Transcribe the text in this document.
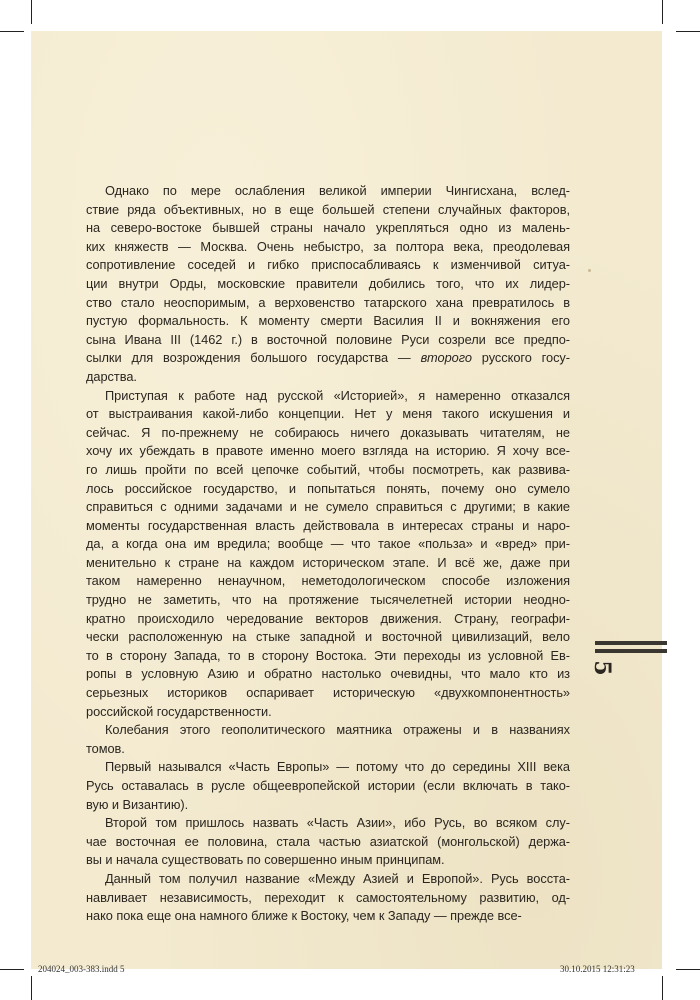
Однако по мере ослабления великой империи Чингисхана, вслед-
ствие ряда объективных, но в еще большей степени случайных факторов,
на северо-востоке бывшей страны начало укрепляться одно из малень-
ких княжеств — Москва. Очень небыстро, за полтора века, преодолевая
сопротивление соседей и гибко приспосабливаясь к изменчивой ситуа-
ции внутри Орды, московские правители добились того, что их лидер-
ство стало неоспоримым, а верховенство татарского хана превратилось в
пустую формальность. К моменту смерти Василия II и вокняжения его
сына Ивана III (1462 г.) в восточной половине Руси созрели все предпо-
сылки для возрождения большого государства — второго русского госу-
дарства.
Приступая к работе над русской «Историей», я намеренно отказался
от выстраивания какой-либо концепции. Нет у меня такого искушения и
сейчас. Я по-прежнему не собираюсь ничего доказывать читателям, не
хочу их убеждать в правоте именно моего взгляда на историю. Я хочу все-
го лишь пройти по всей цепочке событий, чтобы посмотреть, как развива-
лось российское государство, и попытаться понять, почему оно сумело
справиться с одними задачами и не сумело справиться с другими; в какие
моменты государственная власть действовала в интересах страны и наро-
да, а когда она им вредила; вообще — что такое «польза» и «вред» при-
менительно к стране на каждом историческом этапе. И всё же, даже при
таком намеренно ненаучном, неметодологическом способе изложения
трудно не заметить, что на протяжение тысячелетней истории неодно-
кратно происходило чередование векторов движения. Страну, географи-
чески расположенную на стыке западной и восточной цивилизаций, вело
то в сторону Запада, то в сторону Востока. Эти переходы из условной Ев-
ропы в условную Азию и обратно настолько очевидны, что мало кто из
серьезных историков оспаривает историческую «двухкомпонентность»
российской государственности.
Колебания этого геополитического маятника отражены и в названиях
томов.
Первый назывался «Часть Европы» — потому что до середины XIII века
Русь оставалась в русле общеевропейской истории (если включать в тако-
вую и Византию).
Второй том пришлось назвать «Часть Азии», ибо Русь, во всяком слу-
чае восточная ее половина, стала частью азиатской (монгольской) держа-
вы и начала существовать по совершенно иным принципам.
Данный том получил название «Между Азией и Европой». Русь восста-
навливает независимость, переходит к самостоятельному развитию, од-
нако пока еще она намного ближе к Востоку, чем к Западу — прежде все-
5
204024_003-383.indd 5	30.10.2015 12:31:23
